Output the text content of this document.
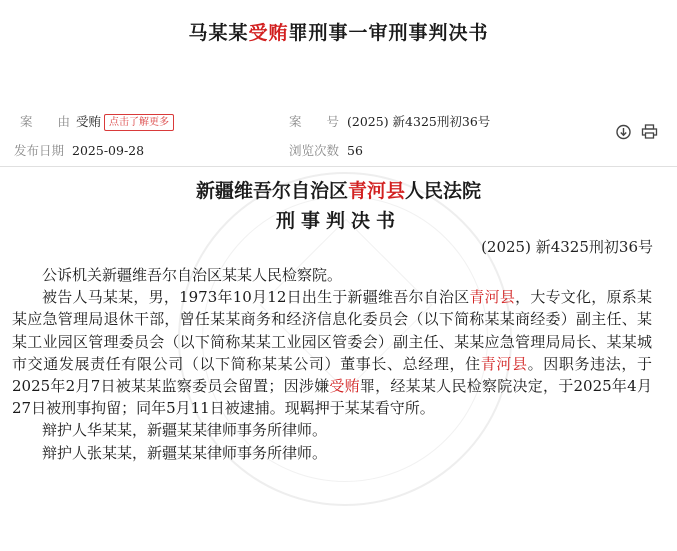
马某某受贿罪刑事一审刑事判决书
案　　由 受贿 点击了解更多	案　　号 (2025) 新4325刑初36号
发布日期 2025-09-28	浏览次数 56

新疆维吾尔自治区青河县人民法院
刑事判决书
(2025) 新4325刑初36号

公诉机关新疆维吾尔自治区某某人民检察院。

被告人马某某，男，1973年10月12日出生于新疆维吾尔自治区青河县，大专文化，原系某某应急管理局退休干部，曾任某某商务和经济信息化委员会（以下简称某某商经委）副主任、某某工业园区管理委员会（以下简称某某工业园区管委会）副主任、某某应急管理局局长、某某城市交通发展责任有限公司（以下简称某某公司）董事长、总经理，住青河县。因职务违法，于2025年2月7日被某某监察委员会留置；因涉嫌受贿罪，经某某人民检察院决定，于2025年4月27日被刑事拘留；同年5月11日被逮捕。现羁押于某某看守所。

辩护人华某某，新疆某某律师事务所律师。

辩护人张某某，新疆某某律师事务所律师。
